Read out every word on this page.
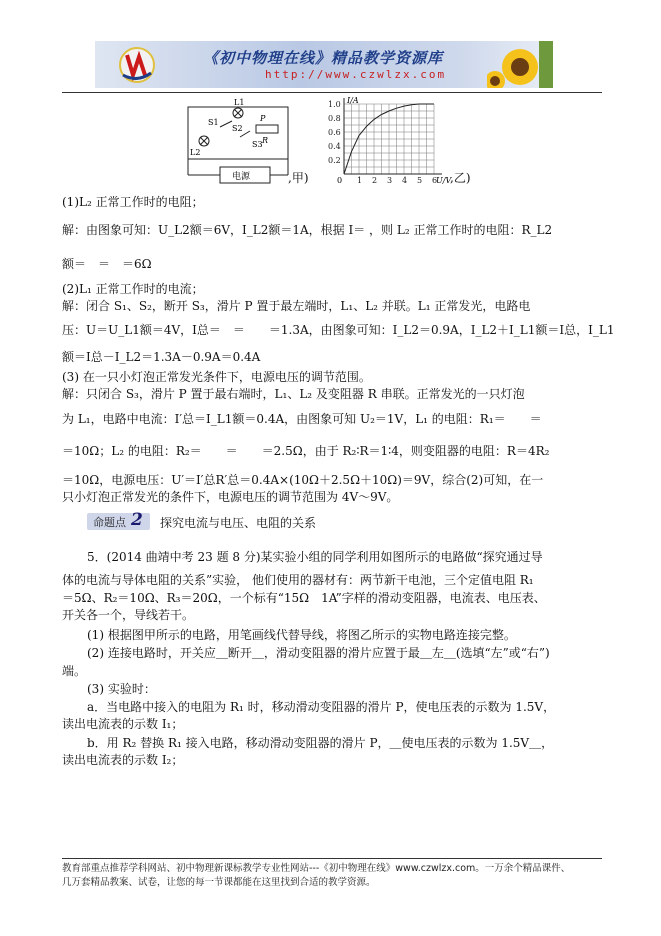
《初中物理在线》精品教学资源库
http://www.czwlzx.com
电源
L1
L2
S1
S2
S3
P
R
,甲)	1 2 3 4 5 6
0.2
0.4
0.6
0.8
1.0 I/A
U/V
0	,乙)
(1)L₂ 正常工作时的电阻；
解：由图象可知：U_L2额＝6V，I_L2额＝1A，根据 I＝ ，则 L₂ 正常工作时的电阻：R_L2
额＝　＝　＝6Ω
(2)L₁ 正常工作时的电流；
解：闭合 S₁、S₂，断开 S₃，滑片 P 置于最左端时，L₁、L₂ 并联。L₁ 正常发光，电路电
压：U＝U_L1额＝4V，I总＝　＝　　＝1.3A，由图象可知：I_L2＝0.9A，I_L2＋I_L1额＝I总，I_L1
额＝I总－I_L2＝1.3A－0.9A＝0.4A
(3) 在一只小灯泡正常发光条件下，电源电压的调节范围。
解：只闭合 S₃，滑片 P 置于最右端时，L₁、L₂ 及变阻器 R 串联。正常发光的一只灯泡
为 L₁，电路中电流：I′总＝I_L1额＝0.4A，由图象可知 U₂＝1V，L₁ 的电阻：R₁＝　　＝
＝10Ω；L₂ 的电阻：R₂＝　　＝　　＝2.5Ω，由于 R₂∶R＝1∶4，则变阻器的电阻：R＝4R₂
＝10Ω，电源电压：U′＝I′总R′总＝0.4A×(10Ω＋2.5Ω＋10Ω)＝9V，综合(2)可知，在一
只小灯泡正常发光的条件下，电源电压的调节范围为 4V～9V。
命题点 2 探究电流与电压、电阻的关系
5．(2014 曲靖中考 23 题 8 分)某实验小组的同学利用如图所示的电路做“探究通过导
体的电流与导体电阻的关系”实验， 他们使用的器材有：两节新干电池，三个定值电阻 R₁
＝5Ω、R₂＝10Ω、R₃＝20Ω，一个标有“15Ω　1A”字样的滑动变阻器，电流表、电压表、
开关各一个，导线若干。
(1) 根据图甲所示的电路，用笔画线代替导线，将图乙所示的实物电路连接完整。
(2) 连接电路时，开关应＿断开＿，滑动变阻器的滑片应置于最＿左＿(选填“左”或“右”)
端。
(3) 实验时：
a．当电路中接入的电阻为 R₁ 时，移动滑动变阻器的滑片 P，使电压表的示数为 1.5V，
读出电流表的示数 I₁；
b．用 R₂ 替换 R₁ 接入电路，移动滑动变阻器的滑片 P，＿使电压表的示数为 1.5V＿，
读出电流表的示数 I₂；
教育部重点推荐学科网站、初中物理新课标教学专业性网站---《初中物理在线》www.czwlzx.com。一万余个精品课件、
几万套精品教案、试卷，让您的每一节课都能在这里找到合适的教学资源。
